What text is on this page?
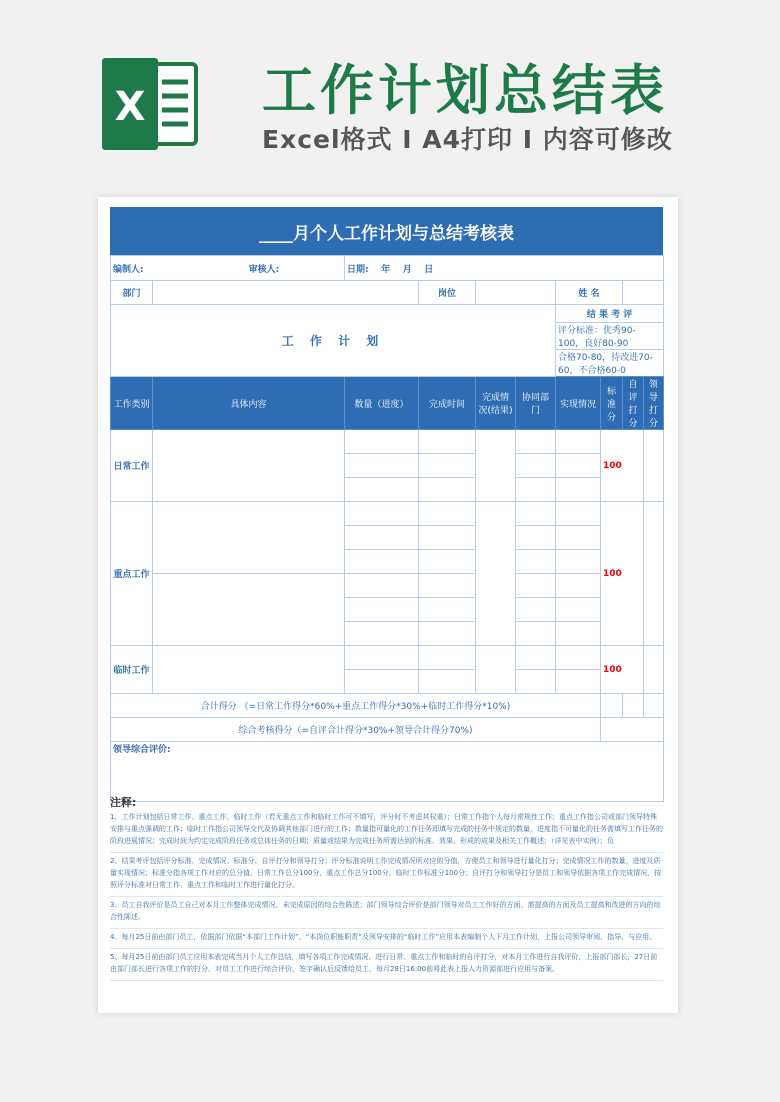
X 工作计划总结表
Excel格式 I A4打印 I 内容可修改
____月个人工作计划与总结考核表
编制人: 审核人:		日期: 年 月 日							
部门			岗位			姓 名			
工 作 计 划						结 果 考 评			
						评分标准：优秀90-100，良好80-90			
						合格70-80，待改进70-60，不合格60-0			

工作类别	具体内容	数量（进度）	完成时间	完成情况(结果)	协同部门	实现情况	标准分	自评打分	领导打分
日常工作							100		

重点工作							100		

临时工作							100		

合计得分 （=日常工作得分*60%+重点工作得分*30%+临时工作得分*10%)									
综合考核得分（=自评合计得分*30%+领导合计得分70%)									
领导综合评价:									
注释:
1、工作计划包括日常工作、重点工作、临时工作（若无重点工作和临时工作可不填写，评分时不考虑其权重）；日常工作指个人每月常规性工作；重点工作指公司或部门领导特殊安排与重点强调的工作；临时工作指公司领导交代及协调其他部门进行的工作；数量指可量化的工作任务即填写完成的任务中规定的数量，进度指不可量化的任务需填写工作任务的阶段进展情况；完成时间为约定完成阶段任务或总体任务的日期；质量或结果为完成任务所需达到的标准、效果、形成的成果及相关工作概述；（详见表中实例）；负
2、结果考评包括评分标准、完成情况、标准分、自评打分和领导打分；评分标准说明工作完成情况所对应的分值，方便员工和领导进行量化打分；完成情况工作的数量、进度及质量实现情况；标准分指各项工作对应的总分值，日常工作总分100分，重点工作总分100分，临时工作标准分100分；自评打分和领导打分是员工和领导依据各项工作完成情况，按照评分标准对日常工作、重点工作和临时工作进行量化打分。
3、员工自我评价是员工自己对本月工作整体完成情况、未完成原因的综合性陈述；部门领导综合评价是部门领导对员工工作好的方面、需提高的方面及员工提高和改进的方向的综合性陈述。
4、每月25日前由部门员工，依据部门依据“本部门工作计划”、“本岗位职能职责”及领导安排的“临时工作”应用本表编制个人下月工作计划，上报公司领导审阅、指导、与应用。
5、每月25日前由部门员工应用本表完成当月个人工作总结，填写各项工作完成情况，进行日常、重点工作和临时的自评打分，对本月工作进行自我评价，上报部门部长，27日前由部门部长进行各项工作的打分，对员工工作进行综合评价，签字确认后反馈给员工，每月28日16:00前将此表上报人力资源部进行应用与备案。
